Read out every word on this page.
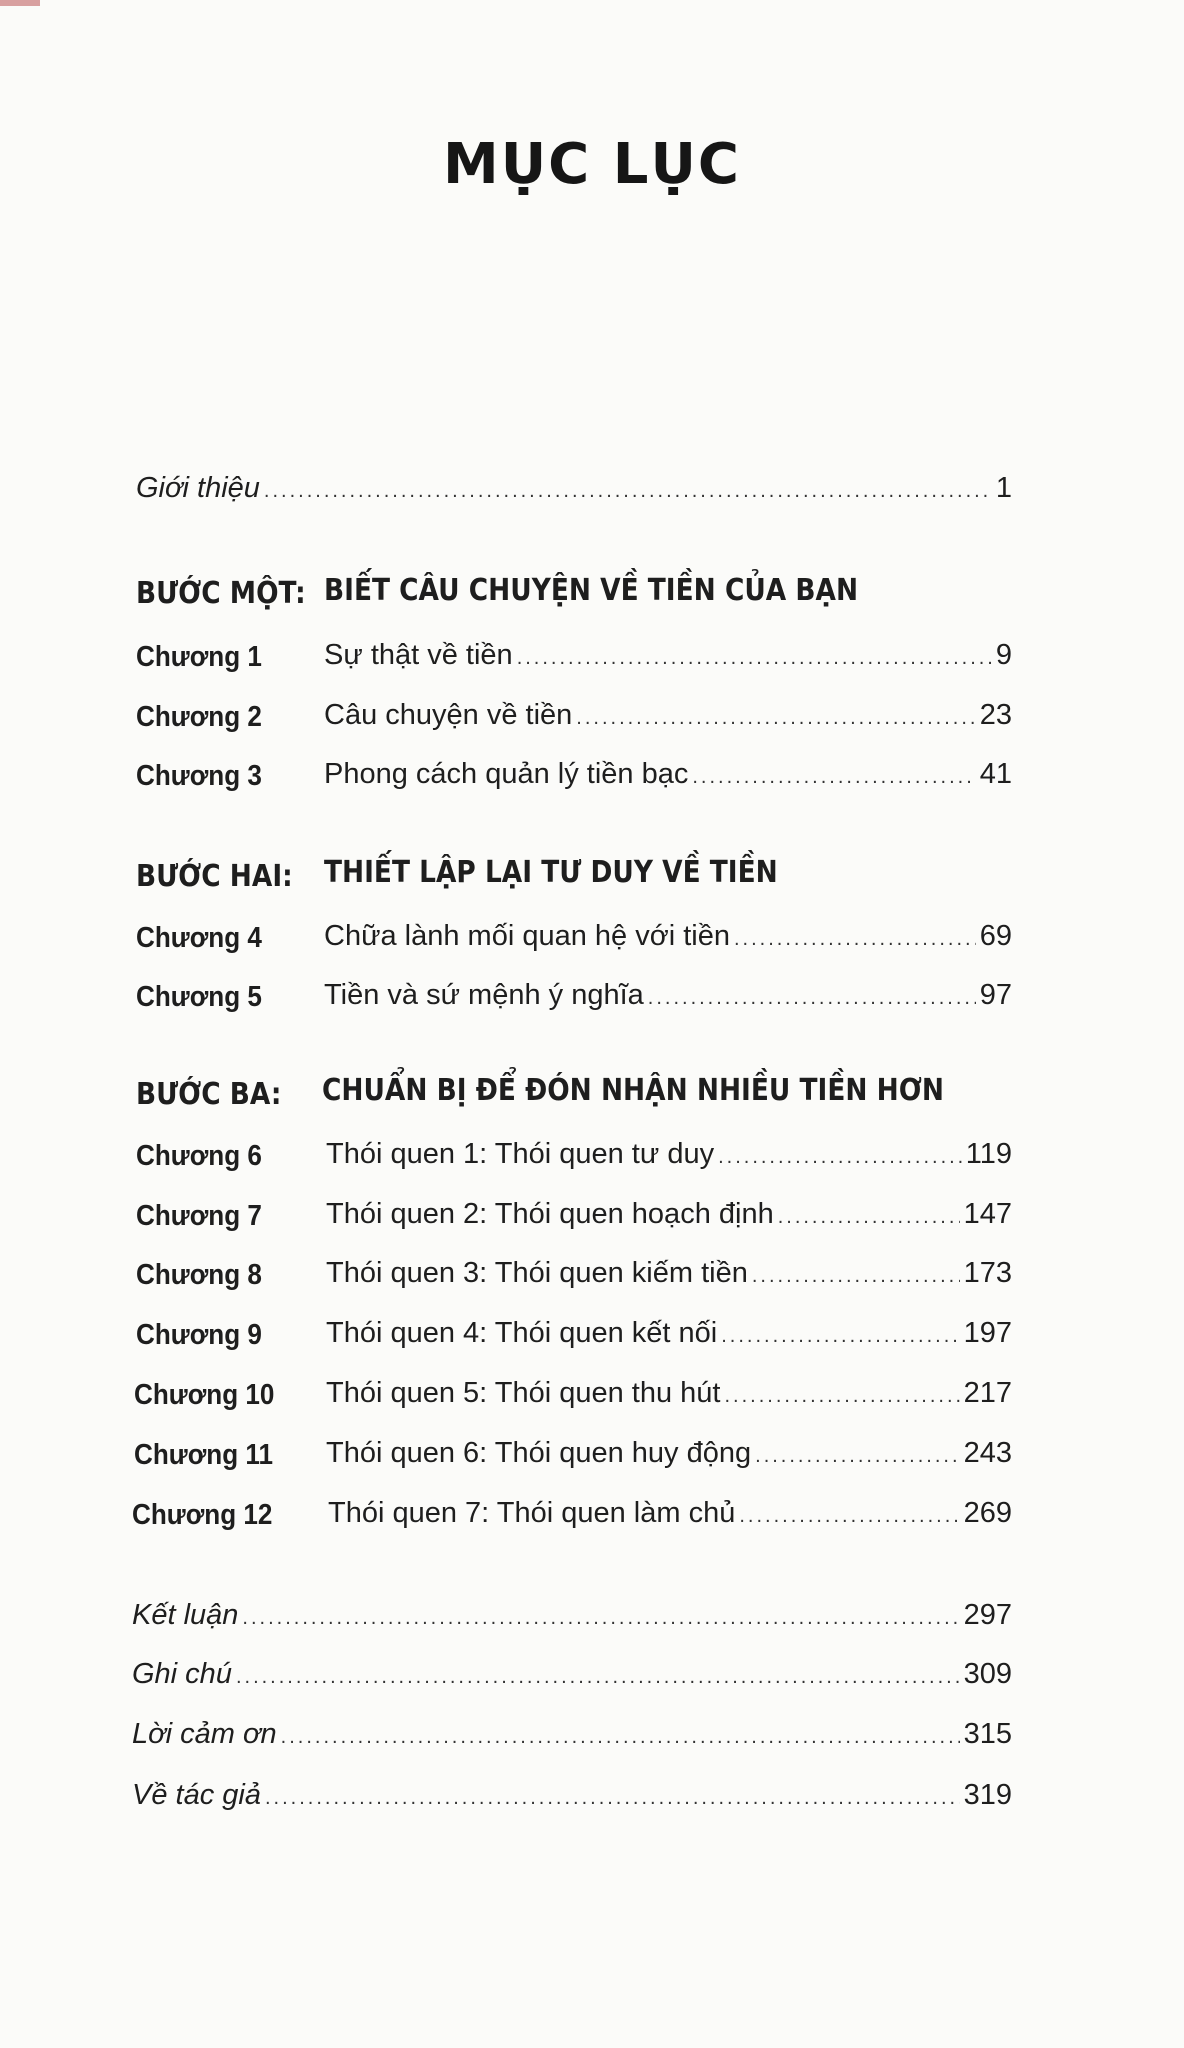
MỤC LỤC
Giới thiệu .....	1
BƯỚC MỘT: BIẾT CÂU CHUYỆN VỀ TIỀN CỦA BẠN
Chương 1 Sự thật về tiền .....	9
Chương 2 Câu chuyện về tiền .....	23
Chương 3 Phong cách quản lý tiền bạc .....	41
BƯỚC HAI: THIẾT LẬP LẠI TƯ DUY VỀ TIỀN
Chương 4 Chữa lành mối quan hệ với tiền .....	69
Chương 5 Tiền và sứ mệnh ý nghĩa .....	97
BƯỚC BA: CHUẨN BỊ ĐỂ ĐÓN NHẬN NHIỀU TIỀN HƠN
Chương 6 Thói quen 1: Thói quen tư duy .....	119
Chương 7 Thói quen 2: Thói quen hoạch định .....	147
Chương 8 Thói quen 3: Thói quen kiếm tiền .....	173
Chương 9 Thói quen 4: Thói quen kết nối .....	197
Chương 10 Thói quen 5: Thói quen thu hút .....	217
Chương 11 Thói quen 6: Thói quen huy động .....	243
Chương 12 Thói quen 7: Thói quen làm chủ .....	269
Kết luận .....	297
Ghi chú .....	309
Lời cảm ơn .....	315
Về tác giả .....	319
